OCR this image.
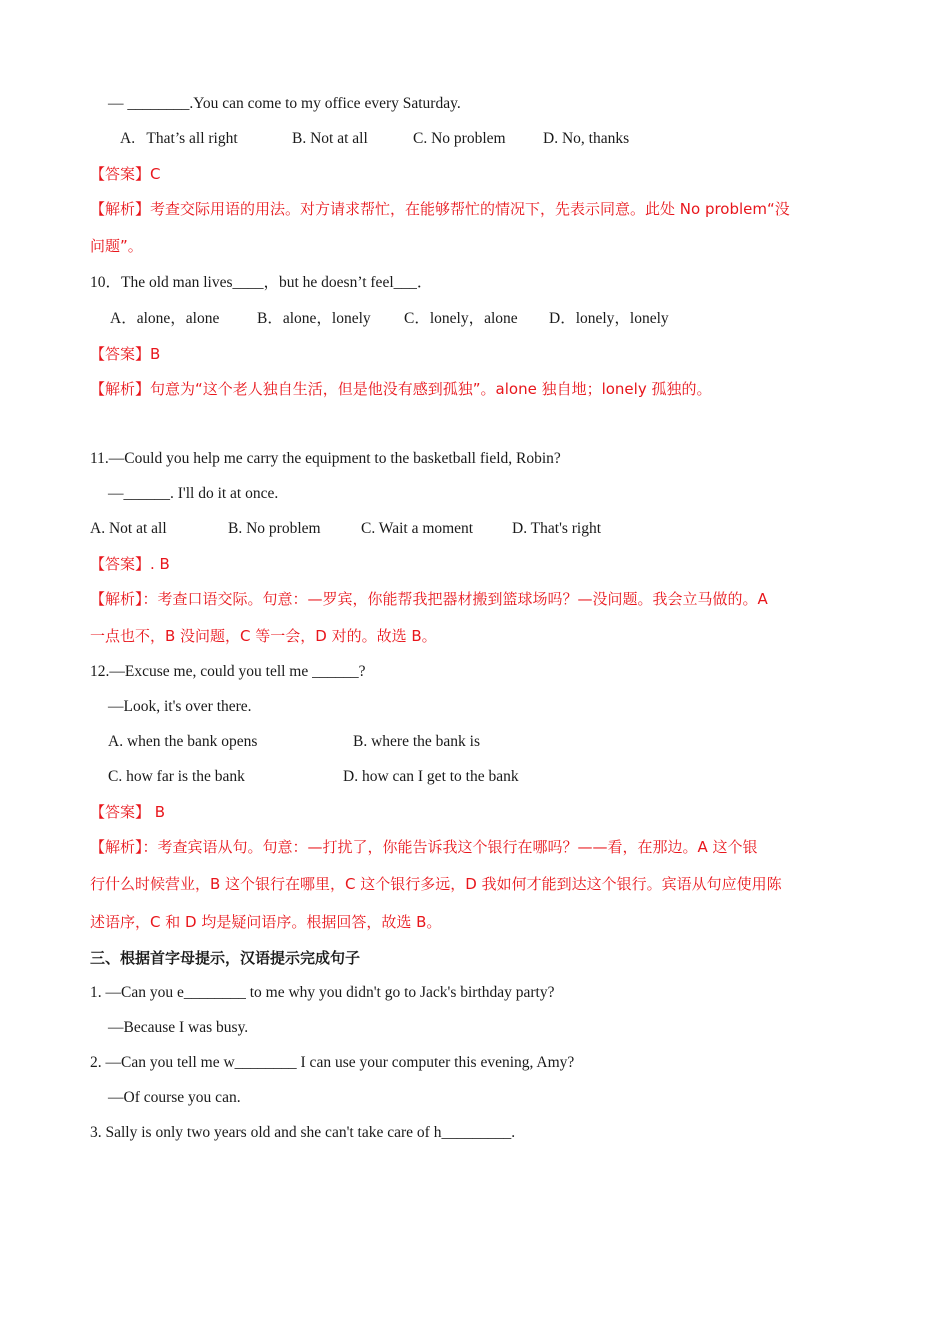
— ________.You can come to my office every Saturday.
A.   That’s all right	B. Not at all	C. No problem D. No, thanks
【答案】C
【解析】考查交际用语的用法。对方请求帮忙，在能够帮忙的情况下，先表示同意。此处 No problem“没
问题”。
10．The old man lives____，but he doesn’t feel___．
A．alone，alone B．alone，lonely C．lonely，alone D．lonely，lonely
【答案】B
【解析】句意为“这个老人独自生活，但是他没有感到孤独”。alone 独自地；lonely 孤独的。
11.—Could you help me carry the equipment to the basketball field, Robin?
—______. I'll do it at once.
A. Not at all	B. No problem	C. Wait a moment	D. That's right
【答案】. B
【解析】：考查口语交际。句意：—罗宾，你能帮我把器材搬到篮球场吗？—没问题。我会立马做的。A
一点也不，B 没问题，C 等一会，D 对的。故选 B。
12.—Excuse me, could you tell me ______?
—Look, it's over there.
A. when the bank opens	B. where the bank is
C. how far is the bank	D. how can I get to the bank
【答案】 B
【解析】：考查宾语从句。句意：—打扰了，你能告诉我这个银行在哪吗？——看，在那边。A 这个银
行什么时候营业，B 这个银行在哪里，C 这个银行多远，D 我如何才能到达这个银行。宾语从句应使用陈
述语序，C 和 D 均是疑问语序。根据回答，故选 B。
三、根据首字母提示，汉语提示完成句子
1. —Can you e________ to me why you didn't go to Jack's birthday party?
—Because I was busy.
2. —Can you tell me w________ I can use your computer this evening, Amy?
—Of course you can.
3. Sally is only two years old and she can't take care of h_________.
